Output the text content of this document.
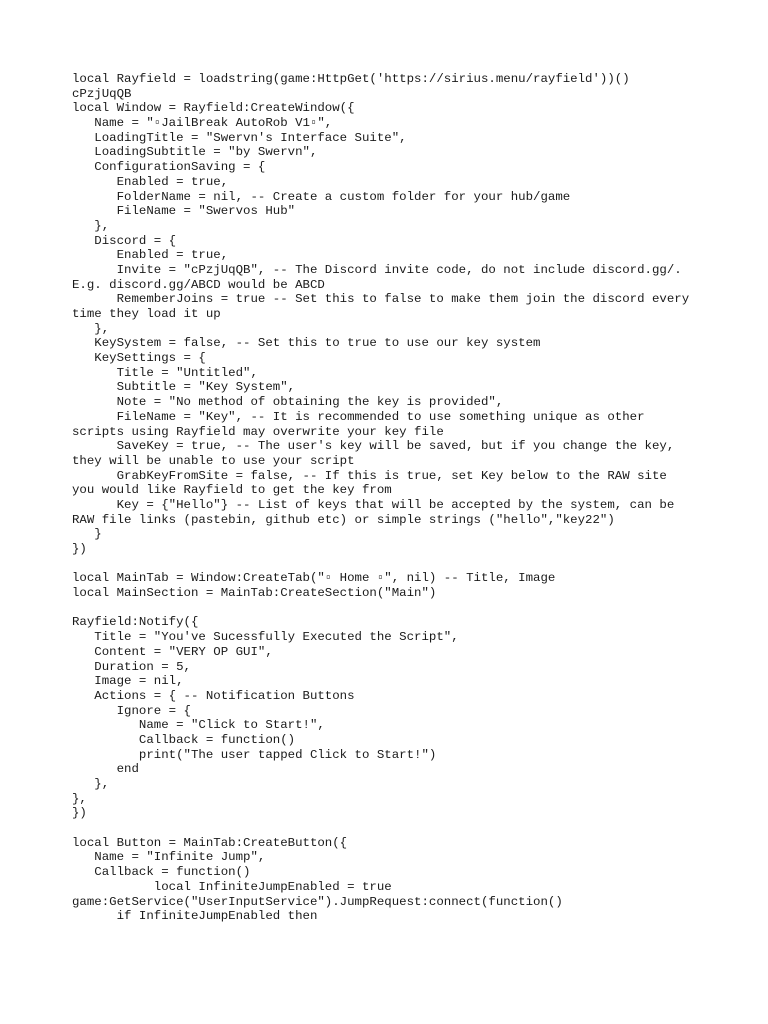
local Rayfield = loadstring(game:HttpGet('https://sirius.menu/rayfield'))()
cPzjUqQB
local Window = Rayfield:CreateWindow({
Name = "▫JailBreak AutoRob V1▫",
LoadingTitle = "Swervn's Interface Suite",
LoadingSubtitle = "by Swervn",
ConfigurationSaving = {
Enabled = true,
FolderName = nil, -- Create a custom folder for your hub/game
FileName = "Swervos Hub"
},
Discord = {
Enabled = true,
Invite = "cPzjUqQB", -- The Discord invite code, do not include discord.gg/.
E.g. discord.gg/ABCD would be ABCD
RememberJoins = true -- Set this to false to make them join the discord every
time they load it up
},
KeySystem = false, -- Set this to true to use our key system
KeySettings = {
Title = "Untitled",
Subtitle = "Key System",
Note = "No method of obtaining the key is provided",
FileName = "Key", -- It is recommended to use something unique as other
scripts using Rayfield may overwrite your key file
SaveKey = true, -- The user's key will be saved, but if you change the key,
they will be unable to use your script
GrabKeyFromSite = false, -- If this is true, set Key below to the RAW site
you would like Rayfield to get the key from
Key = {"Hello"} -- List of keys that will be accepted by the system, can be
RAW file links (pastebin, github etc) or simple strings ("hello","key22")
}
})
local MainTab = Window:CreateTab("▫ Home ▫", nil) -- Title, Image
local MainSection = MainTab:CreateSection("Main")
Rayfield:Notify({
Title = "You've Sucessfully Executed the Script",
Content = "VERY OP GUI",
Duration = 5,
Image = nil,
Actions = { -- Notification Buttons
Ignore = {
Name = "Click to Start!",
Callback = function()
print("The user tapped Click to Start!")
end
},
},
})
local Button = MainTab:CreateButton({
Name = "Infinite Jump",
Callback = function()
local InfiniteJumpEnabled = true
game:GetService("UserInputService").JumpRequest:connect(function()
if InfiniteJumpEnabled then
